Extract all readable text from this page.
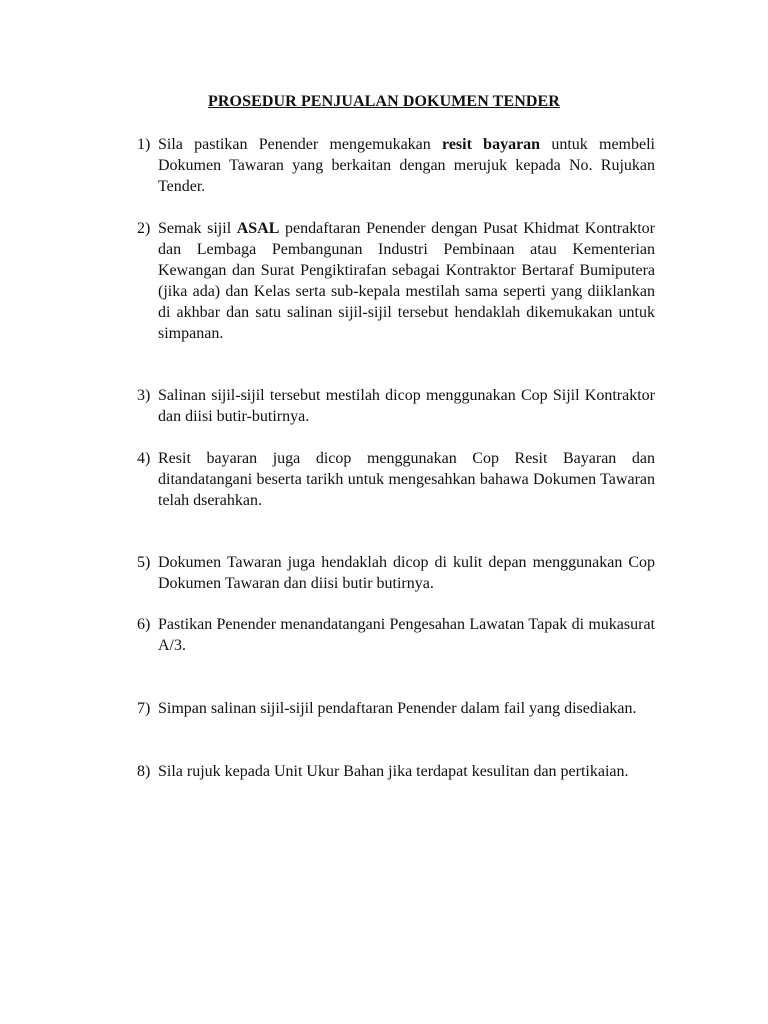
PROSEDUR PENJUALAN DOKUMEN TENDER
1) Sila pastikan Penender mengemukakan resit bayaran untuk membeli Dokumen Tawaran yang berkaitan dengan merujuk kepada No. Rujukan Tender.
2) Semak sijil ASAL pendaftaran Penender dengan Pusat Khidmat Kontraktor dan Lembaga Pembangunan Industri Pembinaan atau Kementerian Kewangan dan Surat Pengiktirafan sebagai Kontraktor Bertaraf Bumiputera (jika ada) dan Kelas serta sub-kepala mestilah sama seperti yang diiklankan di akhbar dan satu salinan sijil-sijil tersebut hendaklah dikemukakan untuk simpanan.
3) Salinan sijil-sijil tersebut mestilah dicop menggunakan Cop Sijil Kontraktor dan diisi butir-butirnya.
4) Resit bayaran juga dicop menggunakan Cop Resit Bayaran dan ditandatangani beserta tarikh untuk mengesahkan bahawa Dokumen Tawaran telah dserahkan.
5) Dokumen Tawaran juga hendaklah dicop di kulit depan menggunakan Cop Dokumen Tawaran dan diisi butir butirnya.
6) Pastikan Penender menandatangani Pengesahan Lawatan Tapak di mukasurat A/3.
7) Simpan salinan sijil-sijil pendaftaran Penender dalam fail yang disediakan.
8) Sila rujuk kepada Unit Ukur Bahan jika terdapat kesulitan dan pertikaian.
